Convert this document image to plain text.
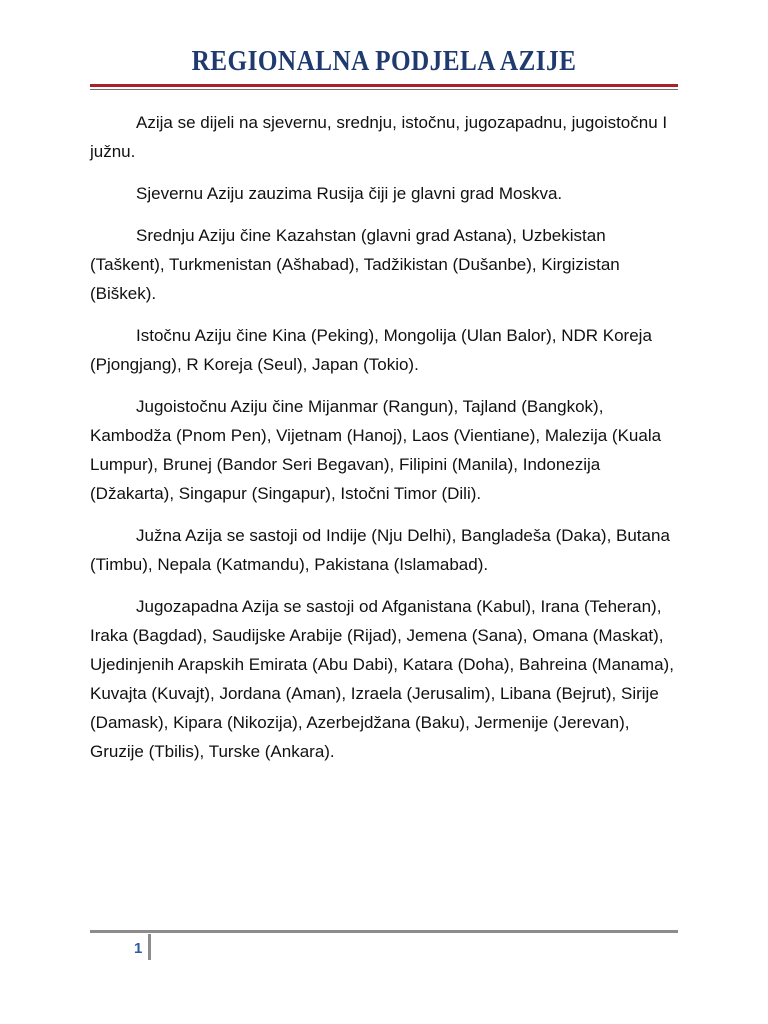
REGIONALNA PODJELA AZIJE

Azija se dijeli na sjevernu, srednju, istočnu, jugozapadnu, jugoistočnu I južnu.

Sjevernu Aziju zauzima Rusija čiji je glavni grad Moskva.

Srednju Aziju čine Kazahstan (glavni grad Astana), Uzbekistan (Taškent), Turkmenistan (Ašhabad), Tadžikistan (Dušanbe), Kirgizistan (Biškek).

Istočnu Aziju čine Kina (Peking), Mongolija (Ulan Balor), NDR Koreja (Pjongjang), R Koreja (Seul), Japan (Tokio).

Jugoistočnu Aziju čine Mijanmar (Rangun), Tajland (Bangkok), Kambodža (Pnom Pen), Vijetnam (Hanoj), Laos (Vientiane), Malezija (Kuala Lumpur), Brunej (Bandor Seri Begavan), Filipini (Manila), Indonezija (Džakarta), Singapur (Singapur), Istočni Timor (Dili).

Južna Azija se sastoji od Indije (Nju Delhi), Bangladeša (Daka), Butana (Timbu), Nepala (Katmandu), Pakistana (Islamabad).

Jugozapadna Azija se sastoji od Afganistana (Kabul), Irana (Teheran), Iraka (Bagdad), Saudijske Arabije (Rijad), Jemena (Sana), Omana (Maskat), Ujedinjenih Arapskih Emirata (Abu Dabi), Katara (Doha), Bahreina (Manama), Kuvajta (Kuvajt), Jordana (Aman), Izraela (Jerusalim), Libana (Bejrut), Sirije (Damask), Kipara (Nikozija), Azerbejdžana (Baku), Jermenije (Jerevan), Gruzije (Tbilis), Turske (Ankara).

1
